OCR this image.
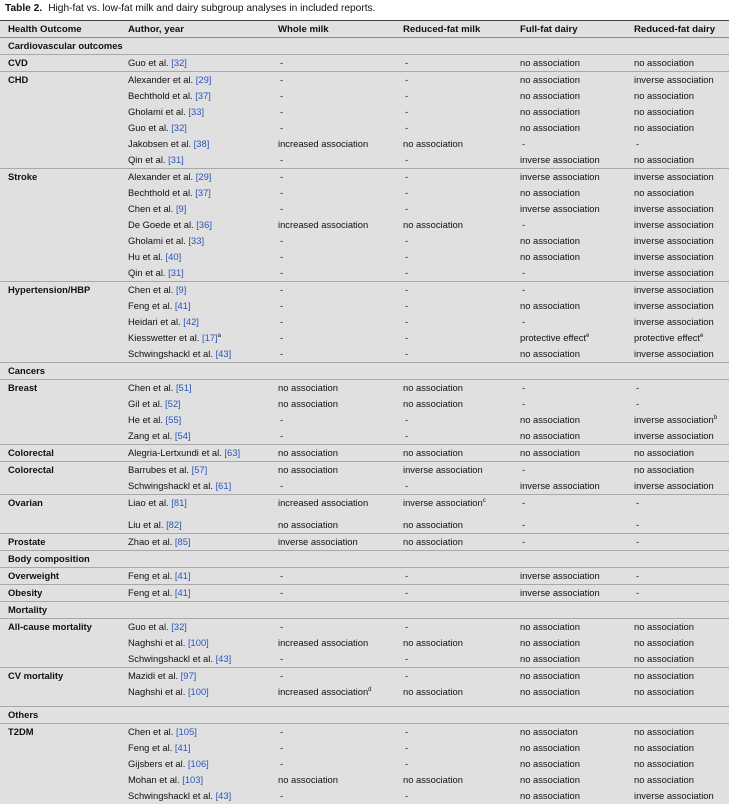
Table 2. High-fat vs. low-fat milk and dairy subgroup analyses in included reports.
Health Outcome	Author, year	Whole milk	Reduced-fat milk	Full-fat dairy	Reduced-fat dairy
Cardiovascular outcomes					
CVD	Guo et al. [32]	-	-	no association	no association
CHD	Alexander et al. [29]	-	-	no association	inverse association
	Bechthold et al. [37]	-	-	no association	no association
	Gholami et al. [33]	-	-	no association	no association
	Guo et al. [32]	-	-	no association	no association
	Jakobsen et al. [38]	increased association	no association	-	-
	Qin et al. [31]	-	-	inverse association	no association
Stroke	Alexander et al. [29]	-	-	inverse association	inverse association
	Bechthold et al. [37]	-	-	no association	no association
	Chen et al. [9]	-	-	inverse association	inverse association
	De Goede et al. [36]	increased association	no association	-	inverse association
	Gholami et al. [33]	-	-	no association	inverse association
	Hu et al. [40]	-	-	no association	inverse association
	Qin et al. [31]	-	-	-	inverse association
Hypertension/HBP	Chen et al. [9]	-	-	-	inverse association
	Feng et al. [41]	-	-	no association	inverse association
	Heidari et al. [42]	-	-	-	inverse association
	Kiesswetter et al. $[17]^a$	-	-	protective effect$^e$	protective effect$^e$
	Schwingshackl et al. [43]	-	-	no association	inverse association
Cancers					
Breast	Chen et al. [51]	no association	no association	-	-
	Gil et al. [52]	no association	no association	-	-
	He et al. [55]	-	-	no association	inverse association$^b$
	Zang et al. [54]	-	-	no association	inverse association
Colorectal	Alegria-Lertxundi et al. [63]	no association	no association	no association	no association
Colorectal	Barrubes et al. [57]	no association	inverse association	-	no association
	Schwingshackl et al. [61]	-	-	inverse association	inverse association
Ovarian	Liao et al. [81]	increased association	inverse association$^c$	-	-
	Liu et al. [82]	no association	no association	-	-
Prostate	Zhao et al. [85]	inverse association	no association	-	-
Body composition					
Overweight	Feng et al. [41]	-	-	inverse association	-
Obesity	Feng et al. [41]	-	-	inverse association	-
Mortality					
All-cause mortality	Guo et al. [32]	-	-	no association	no association
	Naghshi et al. [100]	increased association	no association	no association	no association
	Schwingshackl et al. [43]	-	-	no association	no association
CV mortality	Mazidi et al. [97]	-	-	no association	no association
	Naghshi et al. [100]	increased association$^d$	no association	no association	no association
Others					
T2DM	Chen et al. [105]	-	-	no associaton	no association
	Feng et al. [41]	-	-	no association	no association
	Gijsbers et al. [106]	-	-	no association	no association
	Mohan et al. [103]	no association	no association	no association	no association
	Schwingshackl et al. [43]	-	-	no association	inverse association
